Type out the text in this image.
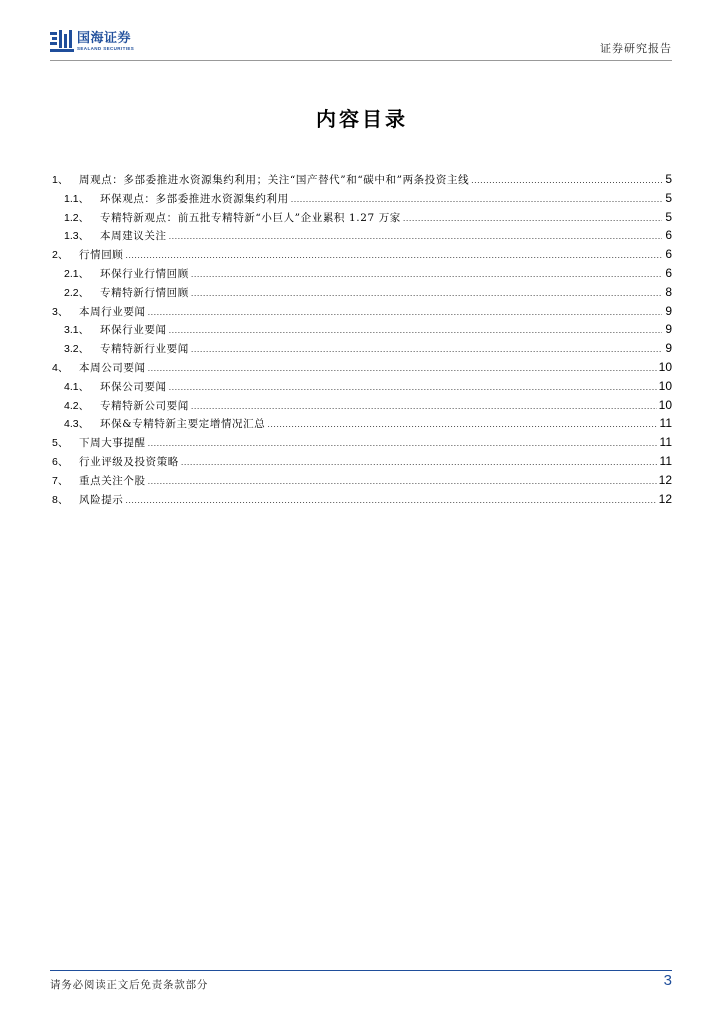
国海证券
SEALAND SECURITIES	证券研究报告
内容目录
1、	周观点：多部委推进水资源集约利用；关注“国产替代”和“碳中和”两条投资主线 .....	5
1.1、	环保观点：多部委推进水资源集约利用 .....	5
1.2、	专精特新观点：前五批专精特新“小巨人”企业累积 1.27 万家 .....	5
1.3、	本周建议关注 .....	6
2、	行情回顾 .....	6
2.1、	环保行业行情回顾 .....	6
2.2、	专精特新行情回顾 .....	8
3、	本周行业要闻 .....	9
3.1、	环保行业要闻 .....	9
3.2、	专精特新行业要闻 .....	9
4、	本周公司要闻 .....	10
4.1、	环保公司要闻 .....	10
4.2、	专精特新公司要闻 .....	10
4.3、	环保&专精特新主要定增情况汇总 .....	11
5、	下周大事提醒 .....	11
6、	行业评级及投资策略 .....	11
7、	重点关注个股 .....	12
8、	风险提示 .....	12
请务必阅读正文后免责条款部分	3
